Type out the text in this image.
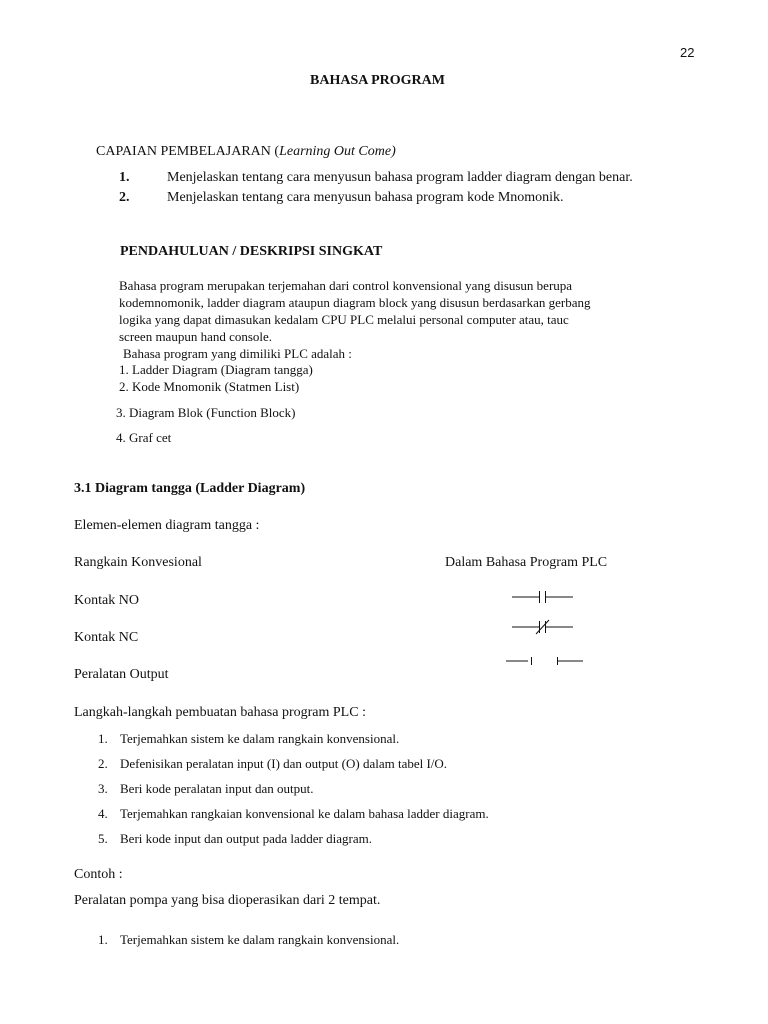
22
BAHASA PROGRAM
CAPAIAN PEMBELAJARAN (Learning Out Come)
1.	Menjelaskan tentang cara menyusun bahasa program ladder diagram dengan benar.
2.	Menjelaskan tentang cara menyusun bahasa program kode Mnomonik.
PENDAHULUAN / DESKRIPSI SINGKAT
Bahasa program merupakan terjemahan dari control konvensional yang disusun berupa
kodemnomonik, ladder diagram ataupun diagram block yang disusun berdasarkan gerbang
logika yang dapat dimasukan kedalam CPU PLC melalui personal computer atau, tauc
screen maupun hand console.
Bahasa program yang dimiliki PLC adalah :
1. Ladder Diagram (Diagram tangga)
2. Kode Mnomonik (Statmen List)
3. Diagram Blok (Function Block)
4. Graf cet
3.1 Diagram tangga (Ladder Diagram)
Elemen-elemen diagram tangga :
Rangkain Konvesional	Dalam Bahasa Program PLC
Kontak NO
Kontak NC
Peralatan Output
Langkah-langkah pembuatan bahasa program PLC :
1. Terjemahkan sistem ke dalam rangkain konvensional.
2. Defenisikan peralatan input (I) dan output (O) dalam tabel I/O.
3. Beri kode peralatan input dan output.
4. Terjemahkan rangkaian konvensional ke dalam bahasa ladder diagram.
5. Beri kode input dan output pada ladder diagram.
Contoh :
Peralatan pompa yang bisa dioperasikan dari 2 tempat.
1. Terjemahkan sistem ke dalam rangkain konvensional.
